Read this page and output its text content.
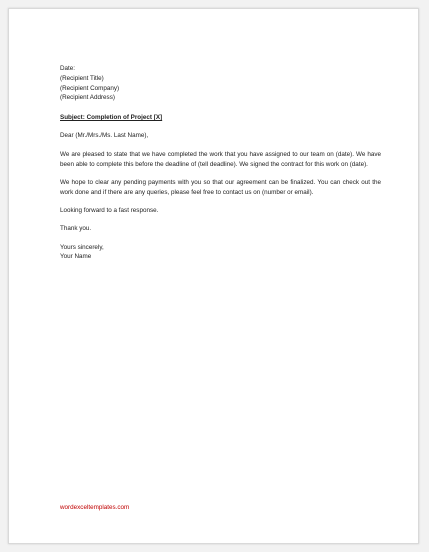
Date:

(Recipient Title)

(Recipient Company)

(Recipient Address)

Subject: Completion of Project [X]

Dear (Mr./Mrs./Ms. Last Name),

We are pleased to state that we have completed the work that you have assigned to our team on (date). We have been able to complete this before the deadline of (tell deadline). We signed the contract for this work on (date).

We hope to clear any pending payments with you so that our agreement can be finalized. You can check out the work done and if there are any queries, please feel free to contact us on (number or email).

Looking forward to a fast response.

Thank you.

Yours sincerely,

Your Name

wordexceltemplates.com
